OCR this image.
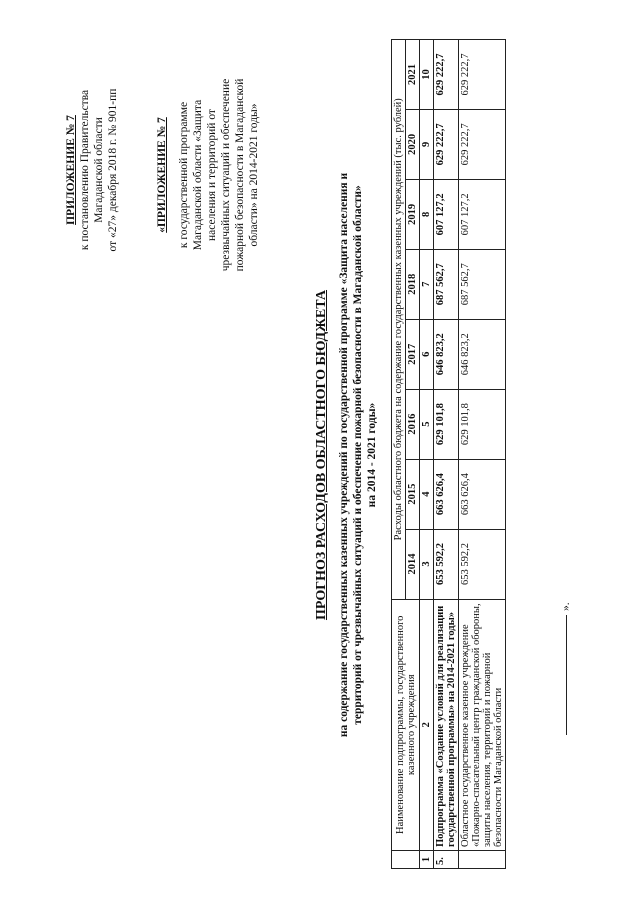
ПРИЛОЖЕНИЕ № 7 к постановлению Правительства Магаданской области от «27» декабря 2018 г. № 901-пп	«ПРИЛОЖЕНИЕ № 7 к государственной программе Магаданской области «Защита населения и территорий от чрезвычайных ситуаций и обеспечение пожарной безопасности в Магаданской области» на 2014-2021 годы»
ПРОГНОЗ РАСХОДОВ ОБЛАСТНОГО БЮДЖЕТА на содержание государственных казенных учреждений по государственной программе «Защита населения и территорий от чрезвычайных ситуаций и обеспечение пожарной безопасности в Магаданской области» на 2014 - 2021 годы»
	Наименование подпрограммы, государственного казенного учреждения	Расходы областного бюджета на содержание государственных казенных учреждений (тыс. рублей)							
		2014	2015	2016	2017	2018	2019	2020	2021
1	2	3	4	5	6	7	8	9	10
5.	Подпрограмма «Создание условий для реализации государственной программы» на 2014-2021 годы»	653 592,2	663 626,4	629 101,8	646 823,2	687 562,7	607 127,2	629 222,7	629 222,7
	Областное государственное казенное учреждение «Пожарно-спасательный центр гражданской обороны, защиты населения, территорий и пожарной безопасности Магаданской области	653 592,2	663 626,4	629 101,8	646 823,2	687 562,7	607 127,2	629 222,7	629 222,7
».
